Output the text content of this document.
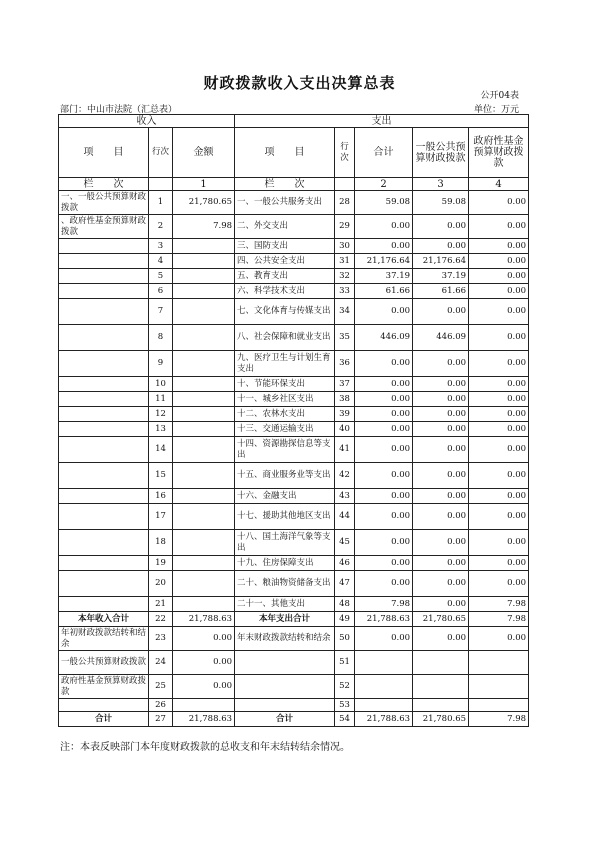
财政拨款收入支出决算总表
公开04表
部门：中山市法院（汇总表）	单位：万元
收入			支出				
项　　目	行次	金额	项　　目	行次	合计	一般公共预算财政拨款	政府性基金预算财政拨款
栏　　次		1	栏　　次		2	3	4
一、一般公共预算财政拨款	1	21,780.65	一、一般公共服务支出	28	59.08	59.08	0.00
、政府性基金预算财政拨款	2	7.98	二、外交支出	29	0.00	0.00	0.00
	3		三、国防支出	30	0.00	0.00	0.00
	4		四、公共安全支出	31	21,176.64	21,176.64	0.00
	5		五、教育支出	32	37.19	37.19	0.00
	6		六、科学技术支出	33	61.66	61.66	0.00
	7		七、文化体育与传媒支出	34	0.00	0.00	0.00
	8		八、社会保障和就业支出	35	446.09	446.09	0.00
	9		九、医疗卫生与计划生育支出	36	0.00	0.00	0.00
	10		十、节能环保支出	37	0.00	0.00	0.00
	11		十一、城乡社区支出	38	0.00	0.00	0.00
	12		十二、农林水支出	39	0.00	0.00	0.00
	13		十三、交通运输支出	40	0.00	0.00	0.00
	14		十四、资源勘探信息等支出	41	0.00	0.00	0.00
	15		十五、商业服务业等支出	42	0.00	0.00	0.00
	16		十六、金融支出	43	0.00	0.00	0.00
	17		十七、援助其他地区支出	44	0.00	0.00	0.00
	18		十八、国土海洋气象等支出	45	0.00	0.00	0.00
	19		十九、住房保障支出	46	0.00	0.00	0.00
	20		二十、粮油物资储备支出	47	0.00	0.00	0.00
	21		二十一、其他支出	48	7.98	0.00	7.98
本年收入合计	22	21,788.63	本年支出合计	49	21,788.63	21,780.65	7.98
年初财政拨款结转和结余	23	0.00	年末财政拨款结转和结余	50	0.00	0.00	0.00
一般公共预算财政拨款	24	0.00		51			
政府性基金预算财政拨款	25	0.00		52			
	26			53			
合计	27	21,788.63	合计	54	21,788.63	21,780.65	7.98
注：本表反映部门本年度财政拨款的总收支和年末结转结余情况。
